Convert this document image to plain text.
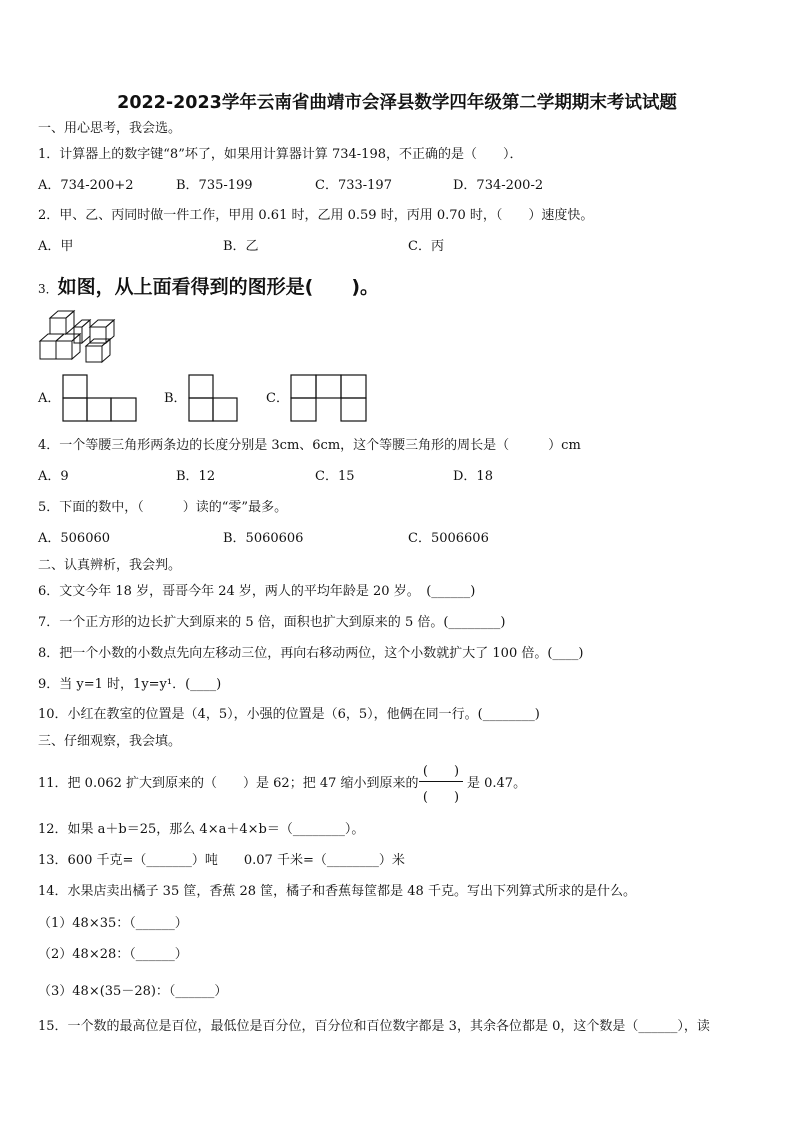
2022-2023学年云南省曲靖市会泽县数学四年级第二学期期末考试试题
一、用心思考，我会选。
1．计算器上的数字键“8”坏了，如果用计算器计算 734-198，不正确的是（　　）．
A．734-200+2	B．735-199	C．733-197	D．734-200-2
2．甲、乙、丙同时做一件工作，甲用 0.61 时，乙用 0.59 时，丙用 0.70 时，（　　）速度快。
A．甲	B．乙	C．丙
3．如图，从上面看得到的图形是(　　)。
A．	B．	C．
4．一个等腰三角形两条边的长度分别是 3cm、6cm，这个等腰三角形的周长是（　　　）cm
A．9	B．12	C．15	D．18
5．下面的数中，（　　　）读的“零”最多。
A．506060	B．5060606	C．5006606
二、认真辨析，我会判。
6．文文今年 18 岁，哥哥今年 24 岁，两人的平均年龄是 20 岁。　(______)
7．一个正方形的边长扩大到原来的 5 倍，面积也扩大到原来的 5 倍。(________)
8．把一个小数的小数点先向左移动三位，再向右移动两位，这个小数就扩大了 100 倍。(____)
9．当 y=1 时，1y=y¹．(____)
10．小红在教室的位置是（4，5），小强的位置是（6，5），他俩在同一行。(________)
三、仔细观察，我会填。
11．把 0.062 扩大到原来的（　　）是 62；把 47 缩小到原来的
(　　)
(　　)
是 0.47。
12．如果 a＋b＝25，那么 4×a＋4×b＝（________）。
13．600 千克=（_______）吨　　0.07 千米=（________）米
14．水果店卖出橘子 35 筐，香蕉 28 筐，橘子和香蕉每筐都是 48 千克。写出下列算式所求的是什么。
（1）48×35：（______）
（2）48×28：（______）
（3）48×(35－28)：（______）
15．一个数的最高位是百位，最低位是百分位，百分位和百位数字都是 3，其余各位都是 0，这个数是（______），读
